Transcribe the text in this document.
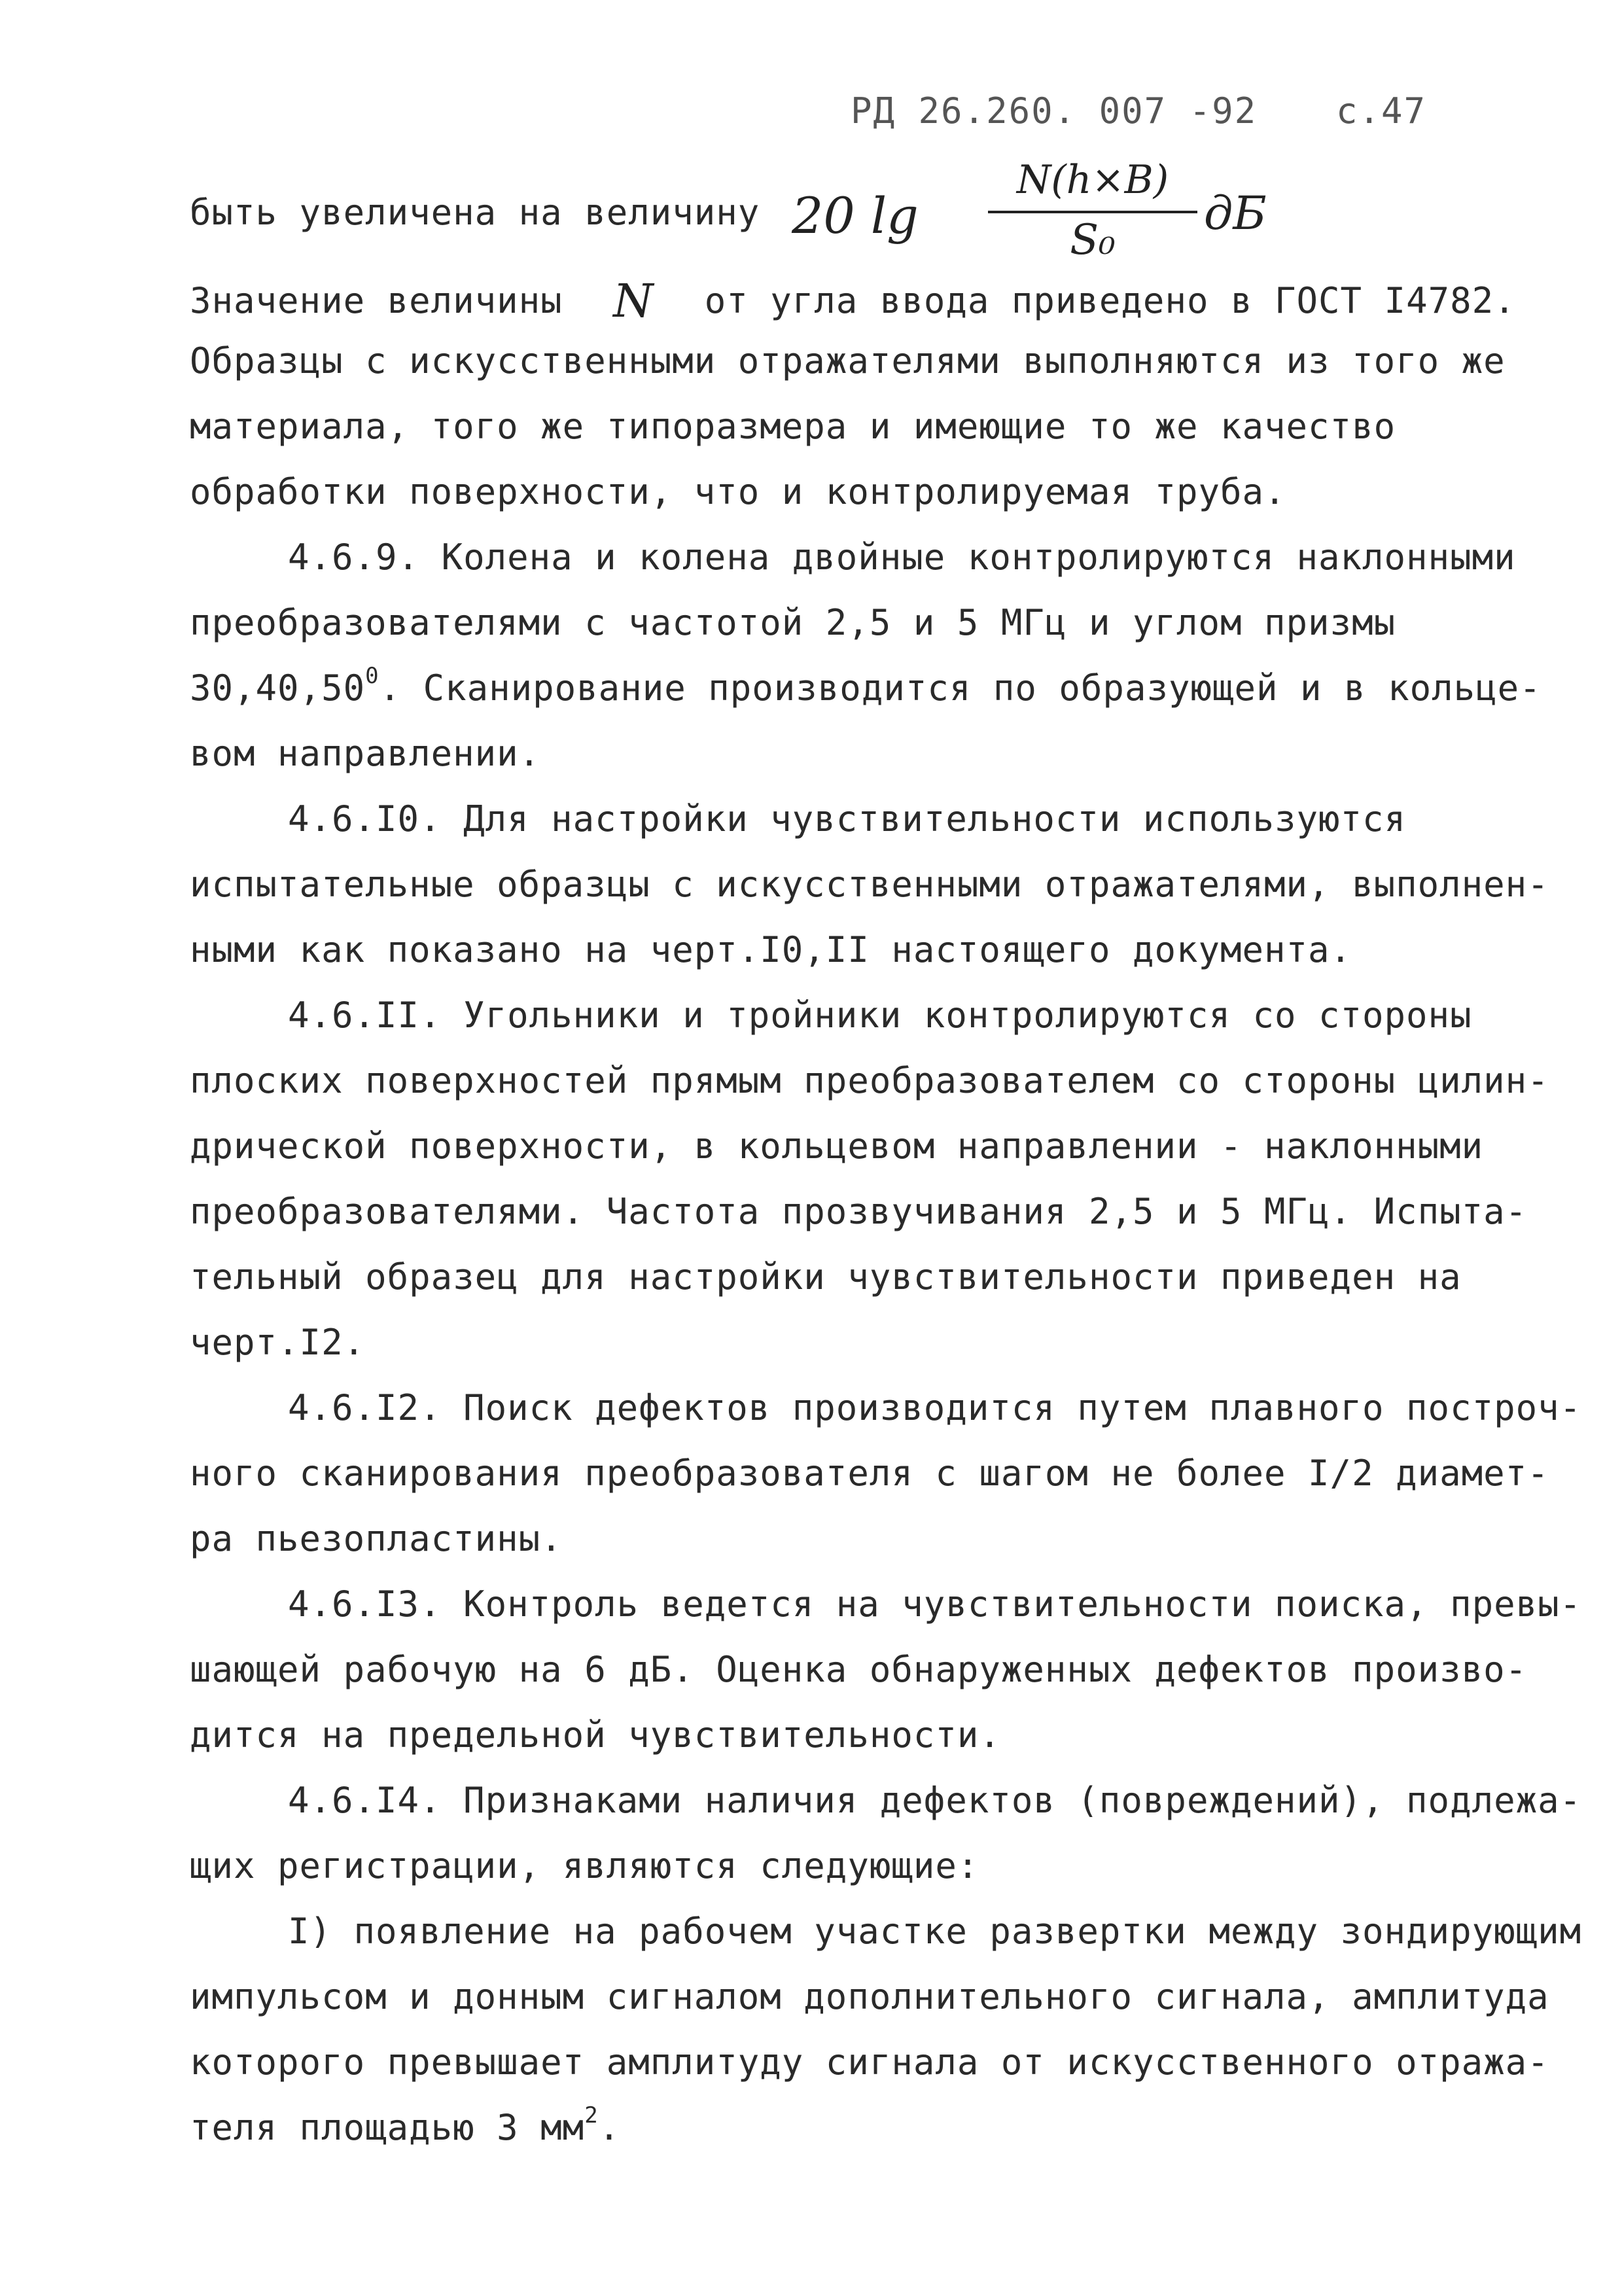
РД 26.260. 007 -92 с.47
быть увеличена на величину 20 lg
N(h×B)
S₀	дБ
Значение величины N от угла ввода приведено в ГОСТ I4782.
Образцы с искусственными отражателями выполняются из того же
материала, того же типоразмера и имеющие то же качество
обработки поверхности, что и контролируемая труба.
4.6.9. Колена и колена двойные контролируются наклонными
преобразователями с частотой 2,5 и 5 МГц и углом призмы
30,40,50$^0$. Сканирование производится по образующей и в кольце-
вом направлении.
4.6.I0. Для настройки чувствительности используются
испытательные образцы с искусственными отражателями, выполнен-
ными как показано на черт.I0,II настоящего документа.
4.6.II. Угольники и тройники контролируются со стороны
плоских поверхностей прямым преобразователем со стороны цилин-
дрической поверхности, в кольцевом направлении - наклонными
преобразователями. Частота прозвучивания 2,5 и 5 МГц. Испыта-
тельный образец для настройки чувствительности приведен на
черт.I2.
4.6.I2. Поиск дефектов производится путем плавного построч-
ного сканирования преобразователя с шагом не более I/2 диамет-
ра пьезопластины.
4.6.I3. Контроль ведется на чувствительности поиска, превы-
шающей рабочую на 6 дБ. Оценка обнаруженных дефектов произво-
дится на предельной чувствительности.
4.6.I4. Признаками наличия дефектов (повреждений), подлежа-
щих регистрации, являются следующие:
I) появление на рабочем участке развертки между зондирующим
импульсом и донным сигналом дополнительного сигнала, амплитуда
которого превышает амплитуду сигнала от искусственного отража-
теля площадью 3 $мм^2$.
